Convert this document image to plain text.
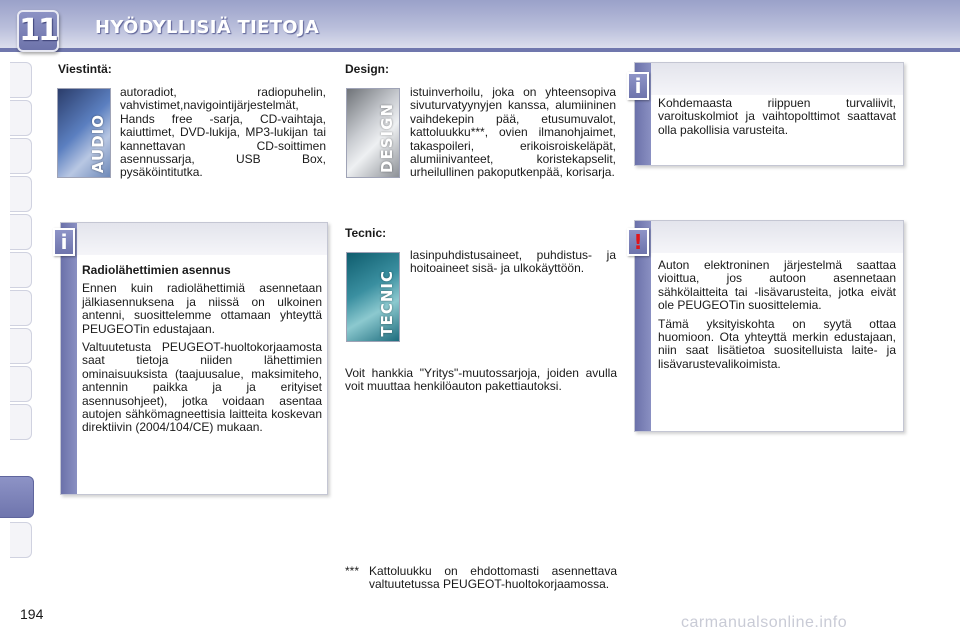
11 HYÖDYLLISIÄ TIETOJA
Viestintä:
AUDIO
autoradiot, radiopuhelin, vahvistimet,navigointijärjestelmät, Hands free -sarja, CD-vaihtaja, kaiuttimet, DVD-lukija, MP3-lukijan tai kannettavan CD-soittimen asennussarja, USB Box, pysäköintitutka.
i
Radiolähettimien asennus

Ennen kuin radiolähettimiä asennetaan jälkiasennuksena ja niissä on ulkoinen antenni, suosittelemme ottamaan yhteyttä PEUGEOTin edustajaan.

Valtuutetusta PEUGEOT-huoltokorjaamosta saat tietoja niiden lähettimien ominaisuuksista (taajuusalue, maksimiteho, antennin paikka ja ja erityiset asennusohjeet), jotka voidaan asentaa autojen sähkömagneettisia laitteita koskevan direktiivin (2004/104/CE) mukaan.

Design:
DESIGN
istuinverhoilu, joka on yhteensopiva sivuturvatyynyjen kanssa, alumiininen vaihdekepin pää, etusumuvalot, kattoluukku***, ovien ilmanohjaimet, takaspoileri, erikoisroiskeläpät, alumiinivanteet, koristekapselit, urheilullinen pakoputkenpää, korisarja.
Tecnic:
TECNIC
lasinpuhdistusaineet, puhdistus- ja hoitoaineet sisä- ja ulkokäyttöön.
Voit hankkia "Yritys"-muutossarjoja, joiden avulla voit muuttaa henkilöauton pakettiautoksi.
*** Kattoluukku on ehdottomasti asennettava valtuutetussa PEUGEOT-huoltokorjaamossa.
i
Kohdemaasta riippuen turvaliivit, varoituskolmiot ja vaihtopolttimot saattavat olla pakollisia varusteita.
!

Auton elektroninen järjestelmä saattaa vioittua, jos autoon asennetaan sähkölaitteita tai -lisävarusteita, jotka eivät ole PEUGEOTin suosittelemia.

Tämä yksityiskohta on syytä ottaa huomioon. Ota yhteyttä merkin edustajaan, niin saat lisätietoa suositelluista laite- ja lisävarustevalikoimista.

194	carmanualsonline.info
